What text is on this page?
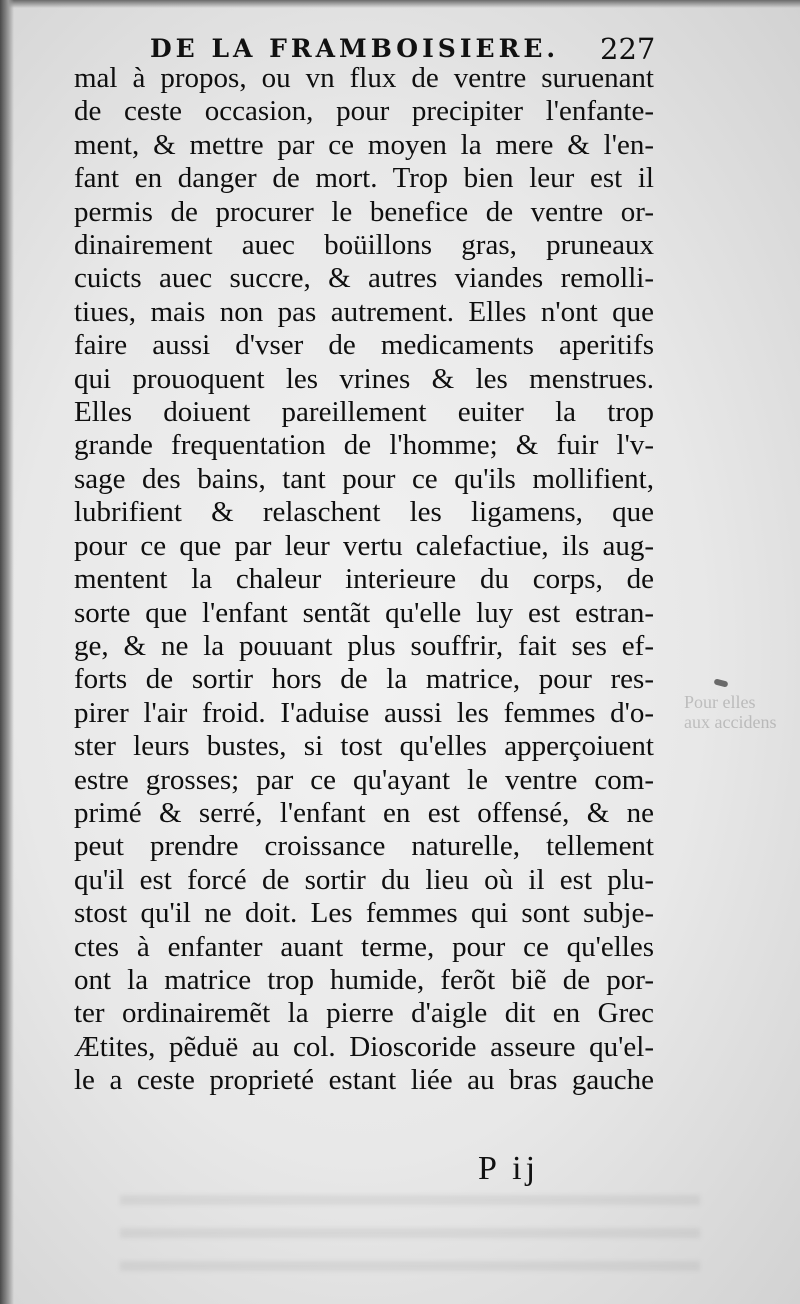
DE LA FRAMBOISIERE. 227
mal à propos, ou vn flux de ventre suruenant
de ceste occasion, pour precipiter l'enfante-
ment, & mettre par ce moyen la mere & l'en-
fant en danger de mort. Trop bien leur est il
permis de procurer le benefice de ventre or-
dinairement auec boüillons gras, pruneaux
cuicts auec succre, & autres viandes remolli-
tiues, mais non pas autrement. Elles n'ont que
faire aussi d'vser de medicaments aperitifs
qui prouoquent les vrines & les menstrues.
Elles doiuent pareillement euiter la trop
grande frequentation de l'homme; & fuir l'v-
sage des bains, tant pour ce qu'ils mollifient,
lubrifient & relaschent les ligamens, que
pour ce que par leur vertu calefactiue, ils aug-
mentent la chaleur interieure du corps, de
sorte que l'enfant sentãt qu'elle luy est estran-
ge, & ne la pouuant plus souffrir, fait ses ef-
forts de sortir hors de la matrice, pour res-
pirer l'air froid. I'aduise aussi les femmes d'o-
ster leurs bustes, si tost qu'elles apperçoiuent
estre grosses; par ce qu'ayant le ventre com-
primé & serré, l'enfant en est offensé, & ne
peut prendre croissance naturelle, tellement
qu'il est forcé de sortir du lieu où il est plu-
stost qu'il ne doit. Les femmes qui sont subje-
ctes à enfanter auant terme, pour ce qu'elles
ont la matrice trop humide, ferõt biẽ de por-
ter ordinairemẽt la pierre d'aigle dit en Grec
Ætites, pẽduë au col. Dioscoride asseure qu'el-
le a ceste proprieté estant liée au bras gauche
Pour elles
aux accidens
P ij
